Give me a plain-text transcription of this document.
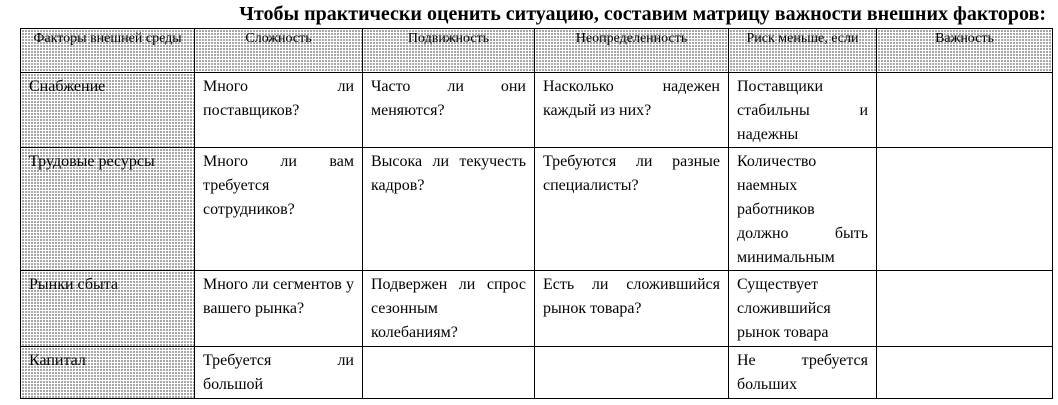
Чтобы практически оценить ситуацию, составим матрицу важности внешних факторов:
Факторы внешней среды	Сложность	Подвижность	Неопределенность	Риск меньше, если	Важность
Снабжение	Много ли поставщиков?	Часто ли они меняются?	Насколько надежен каждый из них?	Поставщики стабильны и надежны	
Трудовые ресурсы	Много ли вам требуется сотрудников?	Высока ли текучесть кадров?	Требуются ли разные специалисты?	Количество наемных работников должно быть минимальным	
Рынки сбыта	Много ли сегментов у вашего рынка?	Подвержен ли спрос сезонным колебаниям?	Есть ли сложившийся рынок товара?	Существует сложившийся рынок товара	
Капитал	Требуется ли большой			Не требуется больших	
